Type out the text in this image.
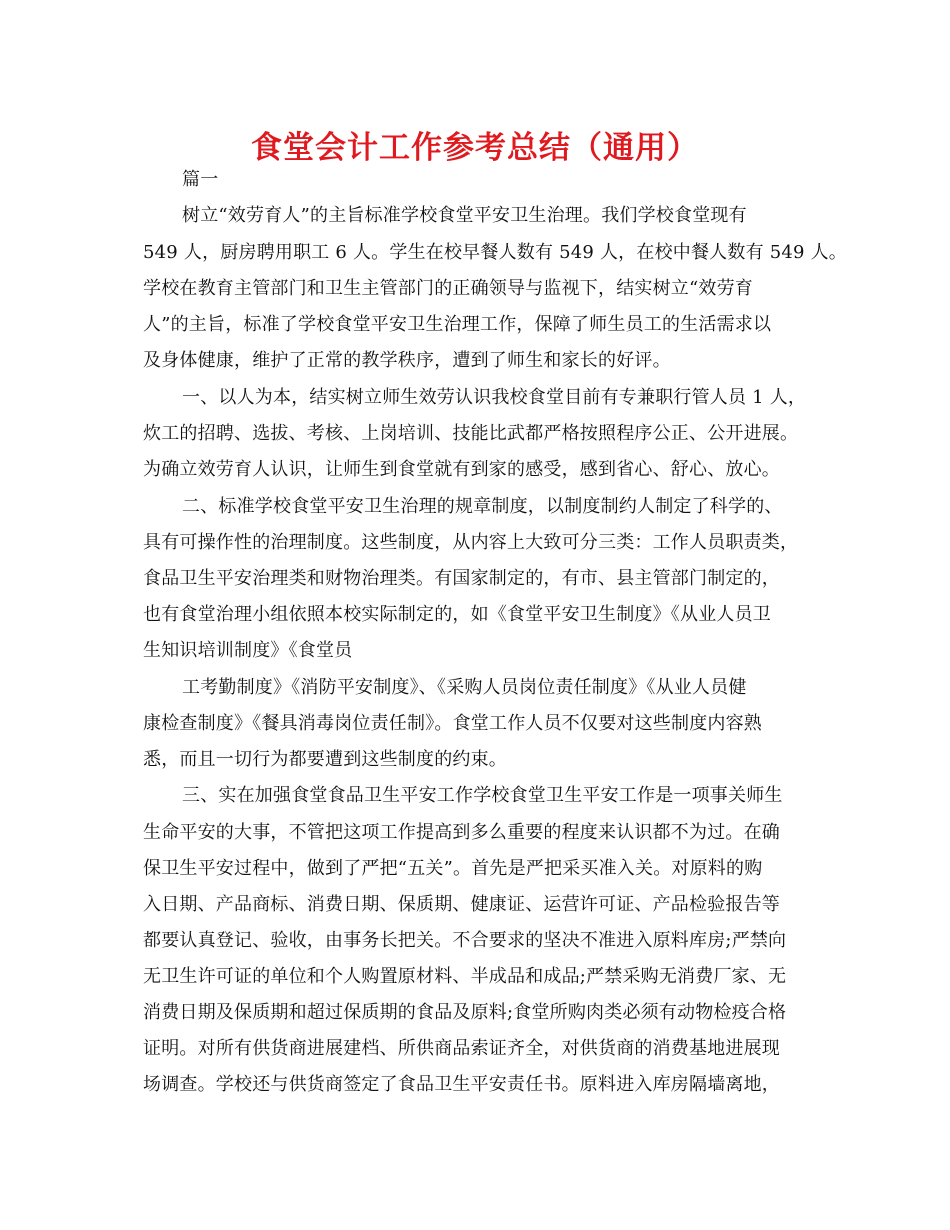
食堂会计工作参考总结（通用）

篇一

树立“效劳育人”的主旨标准学校食堂平安卫生治理。我们学校食堂现有

549 人，厨房聘用职工 6 人。学生在校早餐人数有 549 人，在校中餐人数有 549 人。

学校在教育主管部门和卫生主管部门的正确领导与监视下，结实树立“效劳育

人”的主旨，标准了学校食堂平安卫生治理工作，保障了师生员工的生活需求以

及身体健康，维护了正常的教学秩序，遭到了师生和家长的好评。

一、以人为本，结实树立师生效劳认识我校食堂目前有专兼职行管人员 1 人，

炊工的招聘、选拔、考核、上岗培训、技能比武都严格按照程序公正、公开进展。

为确立效劳育人认识，让师生到食堂就有到家的感受，感到省心、舒心、放心。

二、标准学校食堂平安卫生治理的规章制度，以制度制约人制定了科学的、

具有可操作性的治理制度。这些制度，从内容上大致可分三类：工作人员职责类，

食品卫生平安治理类和财物治理类。有国家制定的，有市、县主管部门制定的，

也有食堂治理小组依照本校实际制定的，如《食堂平安卫生制度》《从业人员卫

生知识培训制度》《食堂员

工考勤制度》《消防平安制度》、《采购人员岗位责任制度》《从业人员健

康检查制度》《餐具消毒岗位责任制》。食堂工作人员不仅要对这些制度内容熟

悉，而且一切行为都要遭到这些制度的约束。

三、实在加强食堂食品卫生平安工作学校食堂卫生平安工作是一项事关师生

生命平安的大事，不管把这项工作提高到多么重要的程度来认识都不为过。在确

保卫生平安过程中，做到了严把“五关”。首先是严把采买准入关。对原料的购

入日期、产品商标、消费日期、保质期、健康证、运营许可证、产品检验报告等

都要认真登记、验收，由事务长把关。不合要求的坚决不准进入原料库房;严禁向

无卫生许可证的单位和个人购置原材料、半成品和成品;严禁采购无消费厂家、无

消费日期及保质期和超过保质期的食品及原料;食堂所购肉类必须有动物检疫合格

证明。对所有供货商进展建档、所供商品索证齐全，对供货商的消费基地进展现

场调查。学校还与供货商签定了食品卫生平安责任书。原料进入库房隔墙离地，
